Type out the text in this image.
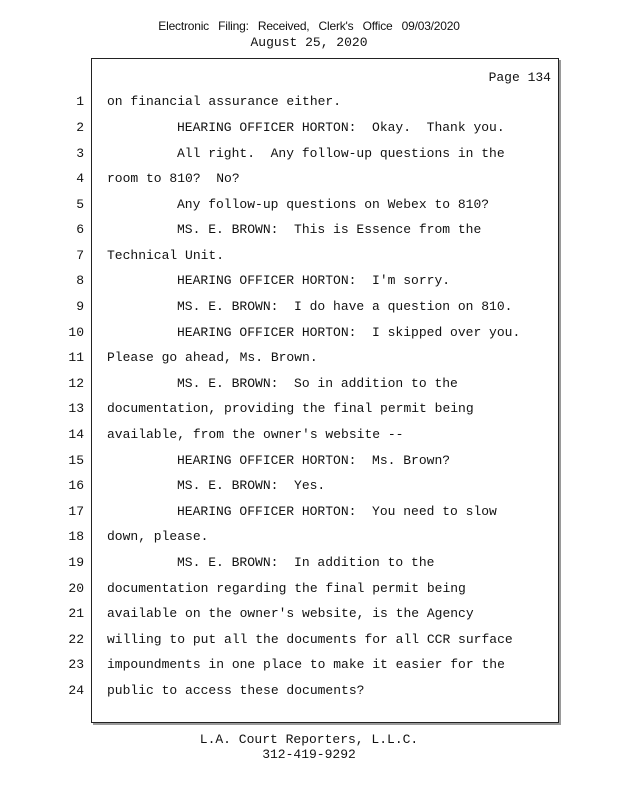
Electronic Filing: Received, Clerk's Office 09/03/2020
August 25, 2020
Page 134
1 on financial assurance either.
2	HEARING OFFICER HORTON:  Okay.  Thank you.
3	All right.  Any follow-up questions in the
4 room to 810?  No?
5	Any follow-up questions on Webex to 810?
6	MS. E. BROWN:  This is Essence from the
7 Technical Unit.
8	HEARING OFFICER HORTON:  I'm sorry.
9	MS. E. BROWN:  I do have a question on 810.
10	HEARING OFFICER HORTON:  I skipped over you.
11 Please go ahead, Ms. Brown.
12	MS. E. BROWN:  So in addition to the
13 documentation, providing the final permit being
14 available, from the owner's website --
15	HEARING OFFICER HORTON:  Ms. Brown?
16	MS. E. BROWN:  Yes.
17	HEARING OFFICER HORTON:  You need to slow
18 down, please.
19	MS. E. BROWN:  In addition to the
20 documentation regarding the final permit being
21 available on the owner's website, is the Agency
22 willing to put all the documents for all CCR surface
23 impoundments in one place to make it easier for the
24 public to access these documents?
L.A. Court Reporters, L.L.C.
312-419-9292
